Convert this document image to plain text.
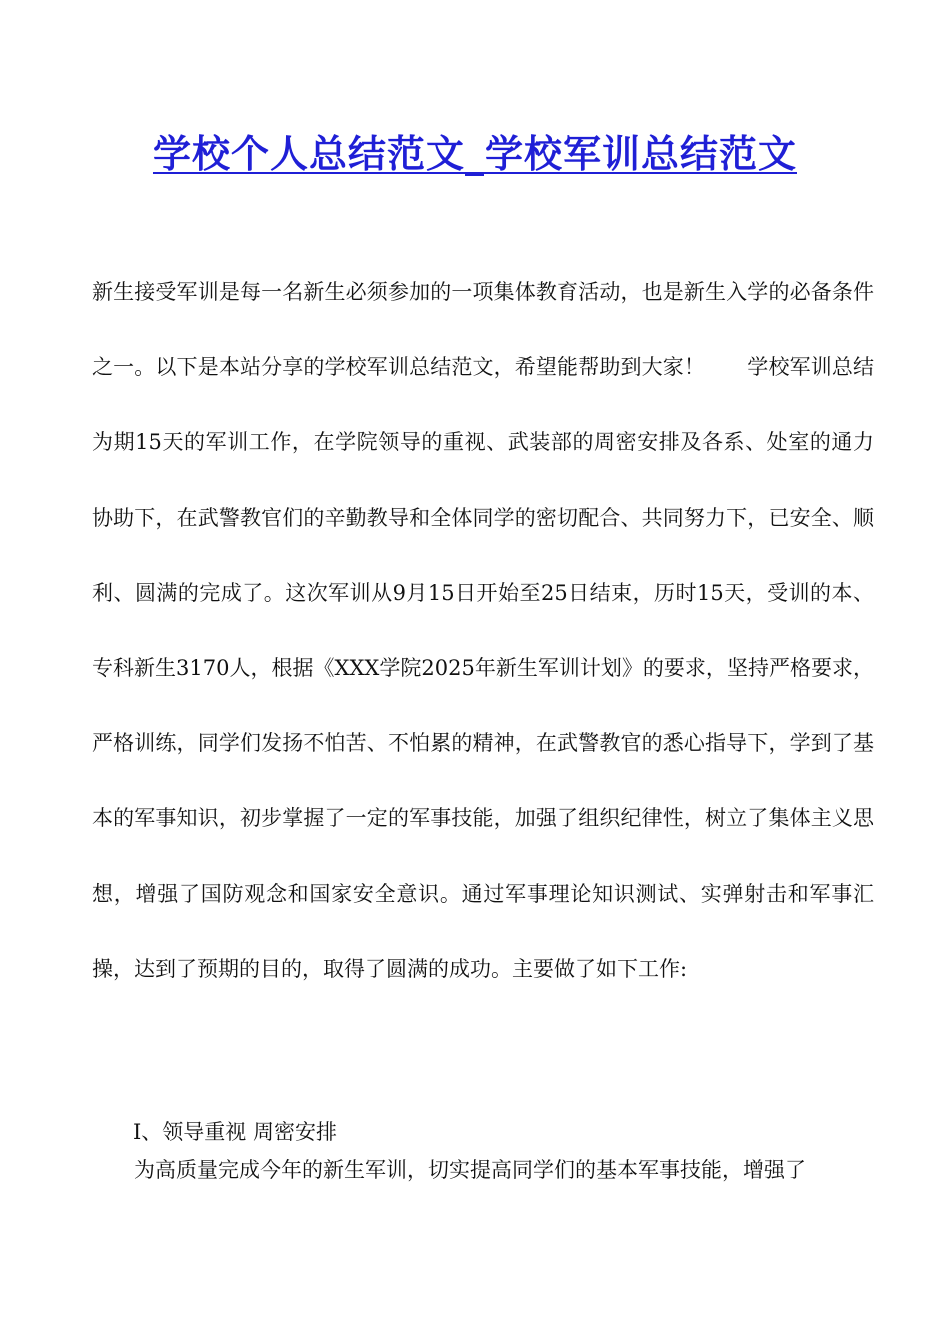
学校个人总结范文_学校军训总结范文

新生接受军训是每一名新生必须参加的一项集体教育活动，也是新生入学的必备条件之一。以下是本站分享的学校军训总结范文，希望能帮助到大家！　　学校军训总结　　为期15天的军训工作，在学院领导的重视、武装部的周密安排及各系、处室的通力协助下，在武警教官们的辛勤教导和全体同学的密切配合、共同努力下，已安全、顺利、圆满的完成了。这次军训从9月15日开始至25日结束，历时15天，受训的本、专科新生3170人，根据《XXX学院2025年新生军训计划》的要求，坚持严格要求，严格训练，同学们发扬不怕苦、不怕累的精神，在武警教官的悉心指导下，学到了基本的军事知识，初步掌握了一定的军事技能，加强了组织纪律性，树立了集体主义思想，增强了国防观念和国家安全意识。通过军事理论知识测试、实弹射击和军事汇操，达到了预期的目的，取得了圆满的成功。主要做了如下工作:

I、领导重视 周密安排

为高质量完成今年的新生军训，切实提高同学们的基本军事技能，增强了
